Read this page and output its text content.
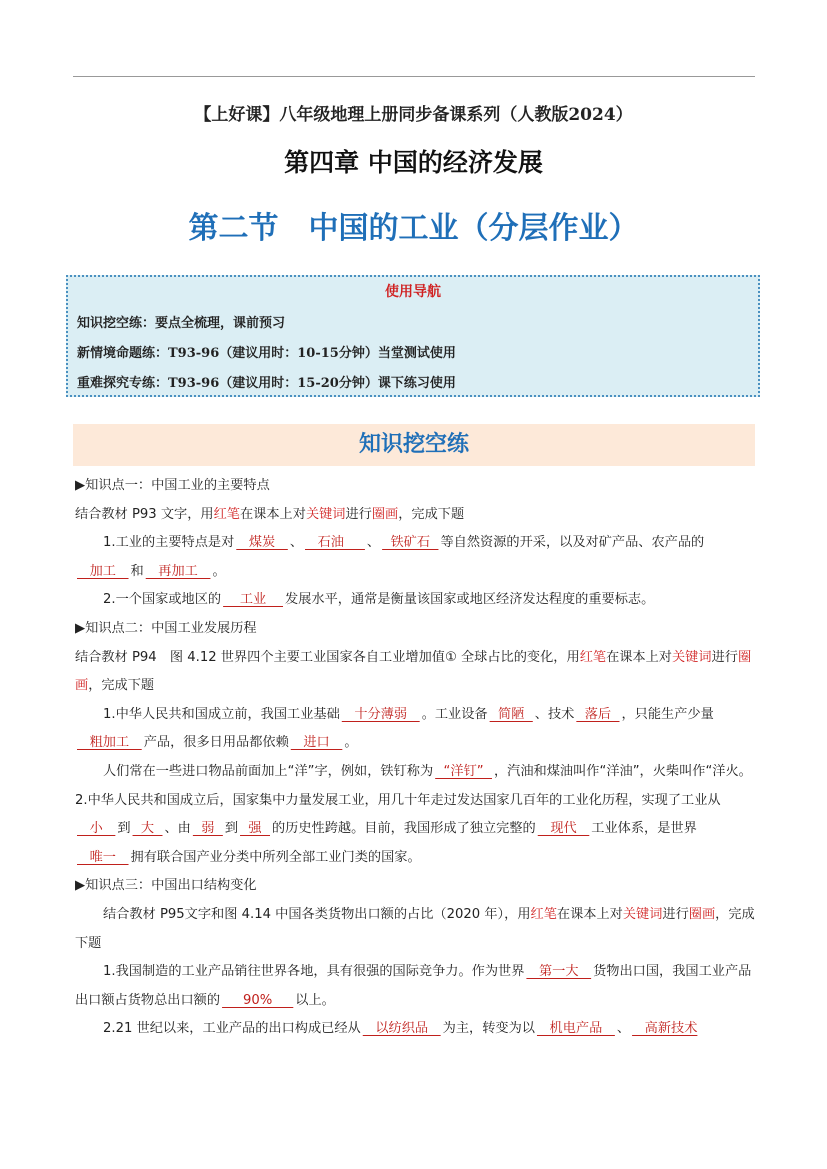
【上好课】八年级地理上册同步备课系列（人教版2024）
第四章 中国的经济发展
第二节　中国的工业（分层作业）
使用导航
知识挖空练：要点全梳理，课前预习
新情境命题练：T93-96（建议用时：10-15分钟）当堂测试使用
重难探究专练：T93-96（建议用时：15-20分钟）课下练习使用
知识挖空练

▶知识点一：中国工业的主要特点

结合教材 P93 文字，用红笔在课本上对关键词进行圈画，完成下题

1.工业的主要特点是对   煤炭   、   石油     、  铁矿石  等自然资源的开采，以及对矿产品、农产品的   加工   和   再加工   。

2.一个国家或地区的    工业    发展水平，通常是衡量该国家或地区经济发达程度的重要标志。

▶知识点二：中国工业发展历程

结合教材 P94　图 4.12 世界四个主要工业国家各自工业增加值① 全球占比的变化，用红笔在课本上对关键词进行圈画，完成下题

1.中华人民共和国成立前，我国工业基础   十分薄弱   。工业设备  简陋  、技术  落后  ，只能生产少量   粗加工   产品，很多日用品都依赖   进口   。

人们常在一些进口物品前面加上“洋”字，例如，铁钉称为  “洋钉”  ，汽油和煤油叫作“洋油”，火柴叫作“洋火。

2.中华人民共和国成立后，国家集中力量发展工业，用几十年走过发达国家几百年的工业化历程，实现了工业从   小   到  大  、由  弱  到  强  的历史性跨越。目前，我国形成了独立完整的   现代   工业体系，是世界   唯一   拥有联合国产业分类中所列全部工业门类的国家。

▶知识点三：中国出口结构变化

结合教材 P95文字和图 4.14 中国各类货物出口额的占比（2020 年），用红笔在课本上对关键词进行圈画，完成下题

1.我国制造的工业产品销往世界各地，具有很强的国际竞争力。作为世界   第一大   货物出口国，我国工业产品出口额占货物总出口额的     90%     以上。

2.21 世纪以来，工业产品的出口构成已经从   以纺织品   为主，转变为以   机电产品   、   高新技术
